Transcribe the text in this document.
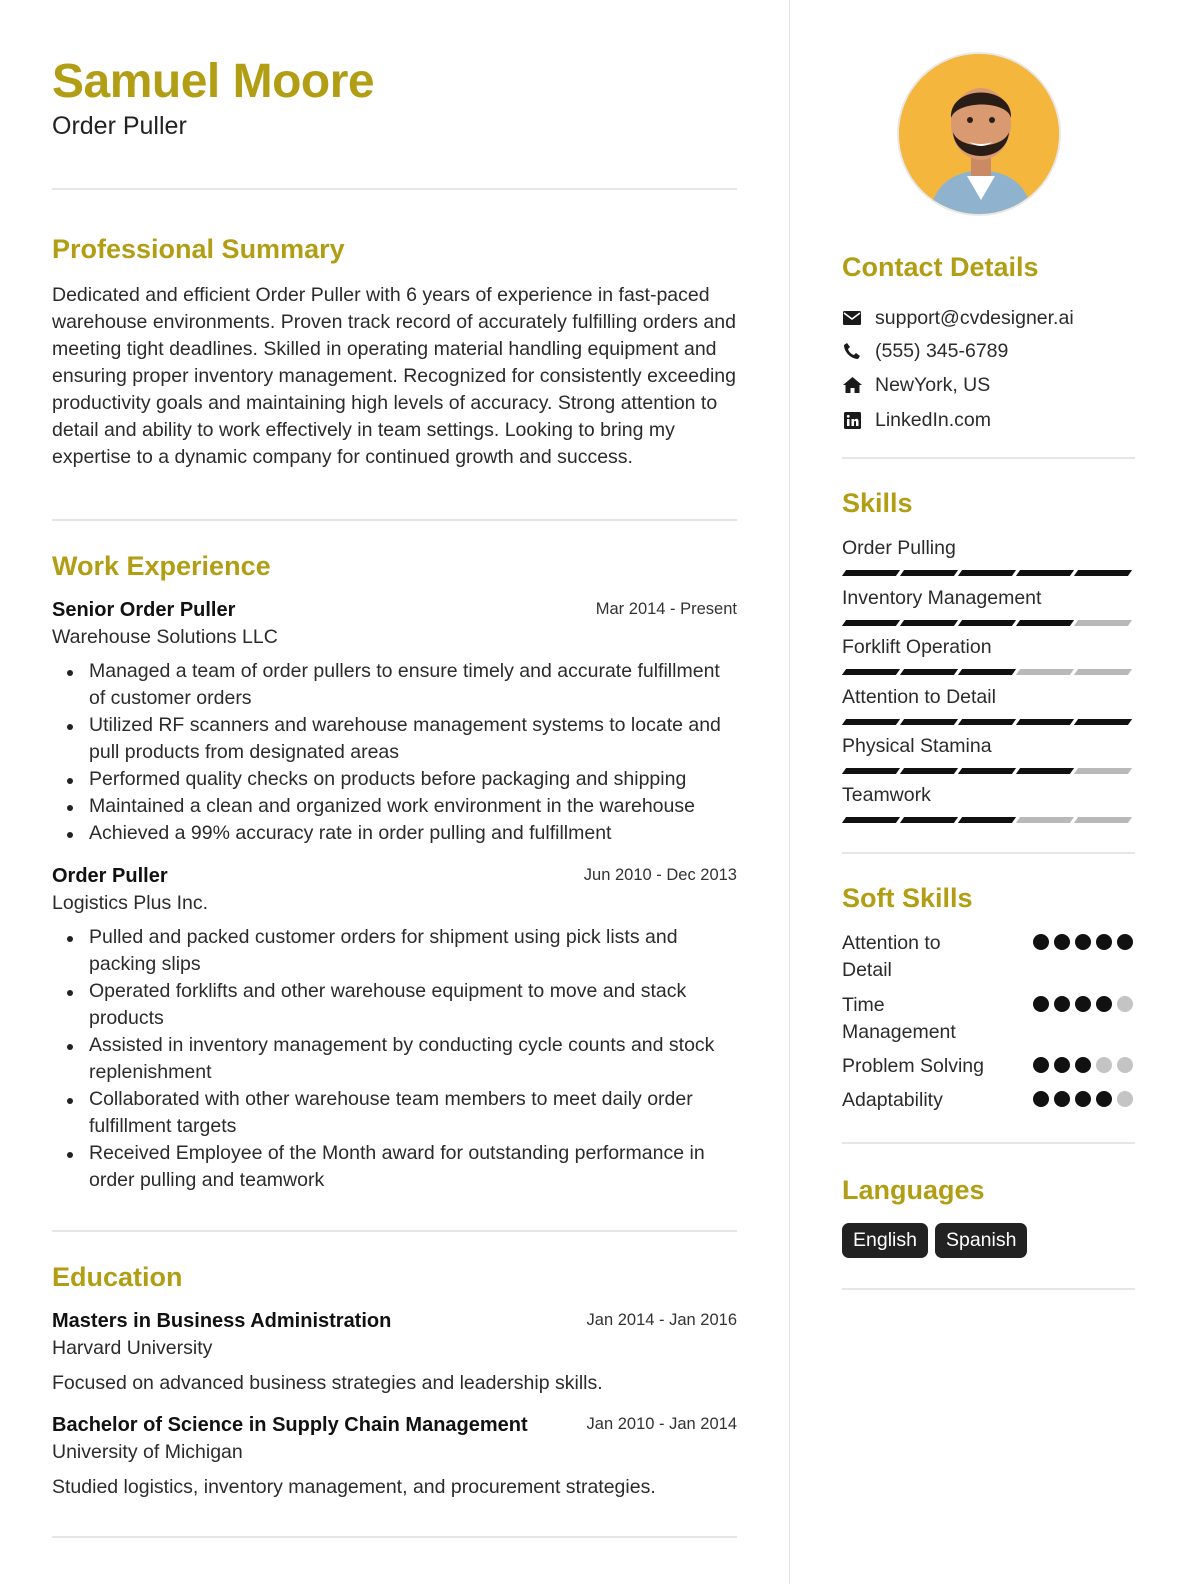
Samuel Moore
Order Puller
Professional Summary
Dedicated and efficient Order Puller with 6 years of experience in fast-paced warehouse environments. Proven track record of accurately fulfilling orders and meeting tight deadlines. Skilled in operating material handling equipment and ensuring proper inventory management. Recognized for consistently exceeding productivity goals and maintaining high levels of accuracy. Strong attention to detail and ability to work effectively in team settings. Looking to bring my expertise to a dynamic company for continued growth and success.
Work Experience
Senior Order Puller	Mar 2014 - Present
Warehouse Solutions LLC
Managed a team of order pullers to ensure timely and accurate fulfillment of customer orders
Utilized RF scanners and warehouse management systems to locate and pull products from designated areas
Performed quality checks on products before packaging and shipping
Maintained a clean and organized work environment in the warehouse
Achieved a 99% accuracy rate in order pulling and fulfillment
Order Puller	Jun 2010 - Dec 2013
Logistics Plus Inc.
Pulled and packed customer orders for shipment using pick lists and packing slips
Operated forklifts and other warehouse equipment to move and stack products
Assisted in inventory management by conducting cycle counts and stock replenishment
Collaborated with other warehouse team members to meet daily order fulfillment targets
Received Employee of the Month award for outstanding performance in order pulling and teamwork
Education
Masters in Business Administration	Jan 2014 - Jan 2016
Harvard University
Focused on advanced business strategies and leadership skills.
Bachelor of Science in Supply Chain Management	Jan 2010 - Jan 2014
University of Michigan
Studied logistics, inventory management, and procurement strategies.
Contact Details
support@cvdesigner.ai
(555) 345-6789
NewYork, US
LinkedIn.com
Skills
Order Pulling
Inventory Management
Forklift Operation
Attention to Detail
Physical Stamina
Teamwork
Soft Skills
Attention to Detail
Time Management
Problem Solving
Adaptability
Languages
English	Spanish
